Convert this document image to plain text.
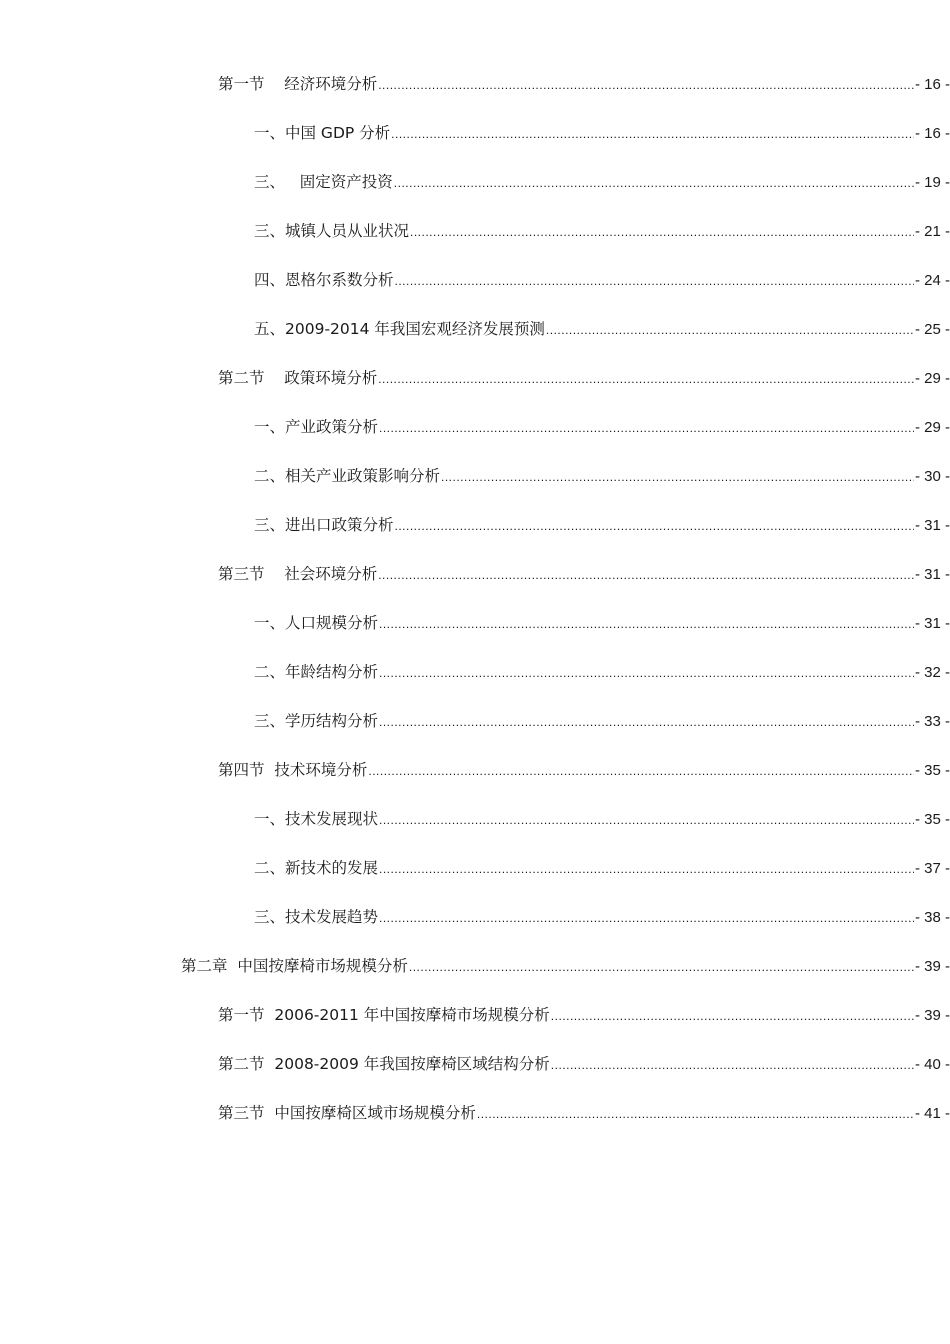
第一节    经济环境分析 .....	- 16 -
一、中国 GDP 分析 .....	- 16 -
三、   固定资产投资 .....	- 19 -
三、城镇人员从业状况 .....	- 21 -
四、恩格尔系数分析 .....	- 24 -
五、2009-2014 年我国宏观经济发展预测 .....	- 25 -
第二节    政策环境分析 .....	- 29 -
一、产业政策分析 .....	- 29 -
二、相关产业政策影响分析 .....	- 30 -
三、进出口政策分析 .....	- 31 -
第三节    社会环境分析 .....	- 31 -
一、人口规模分析 .....	- 31 -
二、年龄结构分析 .....	- 32 -
三、学历结构分析 .....	- 33 -
第四节  技术环境分析 .....	- 35 -
一、技术发展现状 .....	- 35 -
二、新技术的发展 .....	- 37 -
三、技术发展趋势 .....	- 38 -
第二章  中国按摩椅市场规模分析 .....	- 39 -
第一节  2006-2011 年中国按摩椅市场规模分析 .....	- 39 -
第二节  2008-2009 年我国按摩椅区域结构分析 .....	- 40 -
第三节  中国按摩椅区域市场规模分析 .....	- 41 -
